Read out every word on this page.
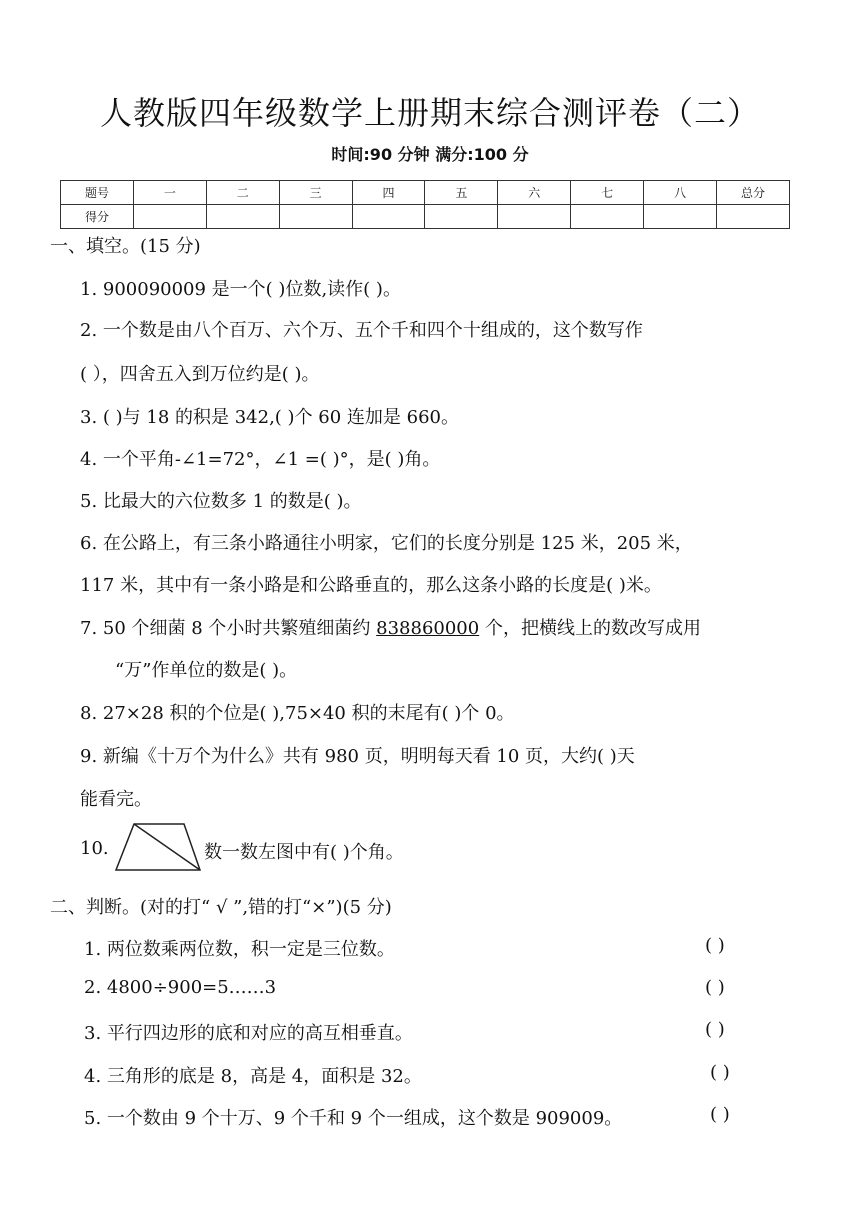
人教版四年级数学上册期末综合测评卷（二）
时间:90 分钟 满分:100 分
题号	一	二	三	四	五	六	七	八	总分
得分									
一、填空。(15 分)
1. 900090009 是一个( )位数,读作( )。
2. 一个数是由八个百万、六个万、五个千和四个十组成的，这个数写作
( ），四舍五入到万位约是( )。
3. ( )与 18 的积是 342,( )个 60 连加是 660。
4. 一个平角-∠1=72°，∠1 =( )°，是( )角。
5. 比最大的六位数多 1 的数是( )。
6. 在公路上，有三条小路通往小明家，它们的长度分别是 125 米，205 米，
117 米，其中有一条小路是和公路垂直的，那么这条小路的长度是( )米。
7. 50 个细菌 8 个小时共繁殖细菌约 838860000 个，把横线上的数改写成用
“万”作单位的数是( )。
8. 27×28 积的个位是( ),75×40 积的末尾有( )个 0。
9. 新编《十万个为什么》共有 980 页，明明每天看 10 页，大约( )天
能看完。
10.	数一数左图中有( )个角。
二、判断。(对的打“ √ ”,错的打“×”)(5 分)
1. 两位数乘两位数，积一定是三位数。	( )
2. 4800÷900=5……3	( )
3. 平行四边形的底和对应的高互相垂直。	( )
4. 三角形的底是 8，高是 4，面积是 32。	( )
5. 一个数由 9 个十万、9 个千和 9 个一组成，这个数是 909009。	( )
